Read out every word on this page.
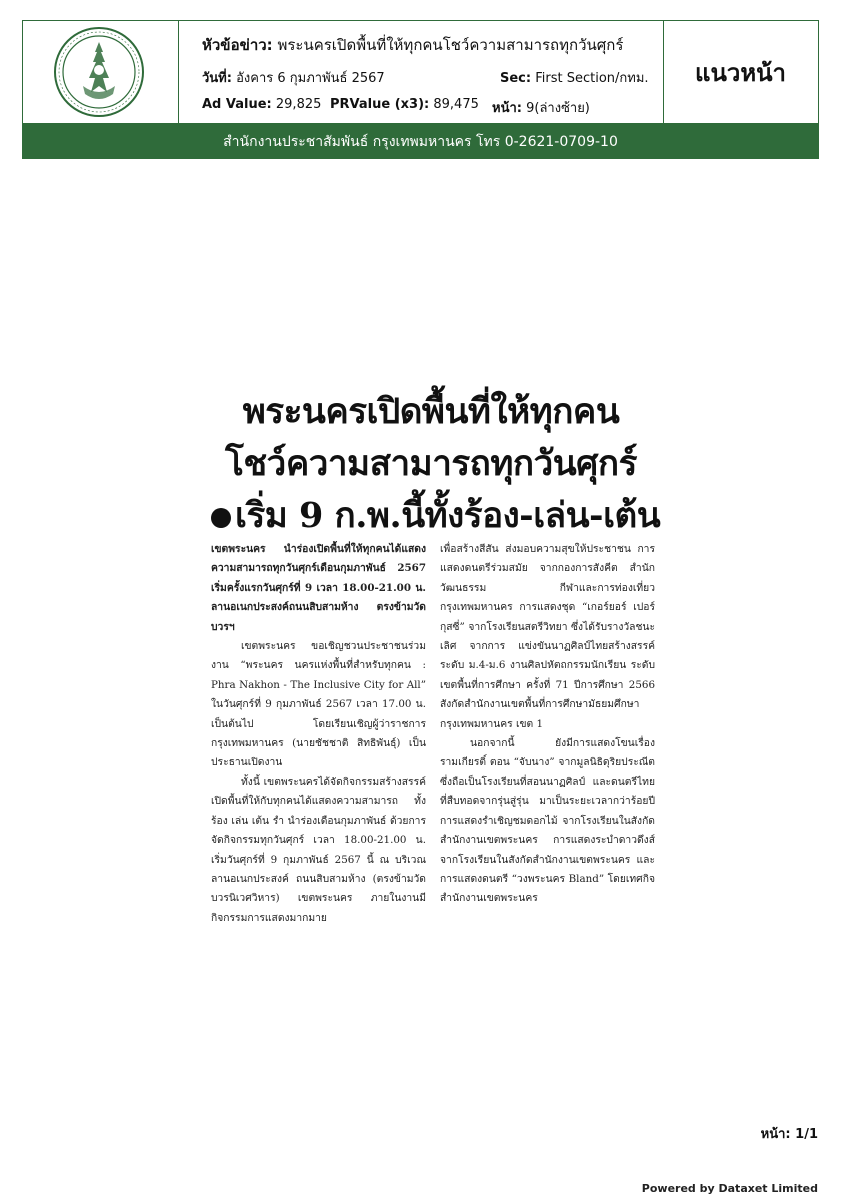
หัวข้อข่าว: พระนครเปิดพื้นที่ให้ทุกคนโชว์ความสามารถทุกวันศุกร์
วันที่: อังคาร 6 กุมภาพันธ์ 2567	Sec: First Section/กทม.
Ad Value: 29,825 PRValue (x3): 89,475 หน้า: 9(ล่างซ้าย)
แนวหน้า
สำนักงานประชาสัมพันธ์ กรุงเทพมหานคร โทร 0-2621-0709-10
พระนครเปิดพื้นที่ให้ทุกคน
โชว์ความสามารถทุกวันศุกร์
เริ่ม 9 ก.พ.นี้ทั้งร้อง-เล่น-เต้น

เขตพระนคร นำร่องเปิดพื้นที่ให้ทุกคนได้แสดงความสามารถทุกวันศุกร์เดือนกุมภาพันธ์ 2567 เริ่มครั้งแรกวันศุกร์ที่ 9 เวลา 18.00-21.00 น. ลานอเนกประสงค์ถนนสิบสามห้าง ตรงข้ามวัดบวรฯ

เขตพระนคร ขอเชิญชวนประชาชนร่วมงาน “พระนคร นครแห่งพื้นที่สำหรับทุกคน : Phra Nakhon - The Inclusive City for All” ในวันศุกร์ที่ 9 กุมภาพันธ์ 2567 เวลา 17.00 น. เป็นต้นไป โดยเรียนเชิญผู้ว่าราชการกรุงเทพมหานคร (นายชัชชาติ สิทธิพันธุ์) เป็นประธานเปิดงาน

ทั้งนี้ เขตพระนครได้จัดกิจกรรมสร้างสรรค์ เปิดพื้นที่ให้กับทุกคนได้แสดงความสามารถ ทั้งร้อง เล่น เต้น รำ นำร่องเดือนกุมภาพันธ์ ด้วยการจัดกิจกรรมทุกวันศุกร์ เวลา 18.00-21.00 น. เริ่มวันศุกร์ที่ 9 กุมภาพันธ์ 2567 นี้ ณ บริเวณลานอเนกประสงค์ ถนนสิบสามห้าง (ตรงข้ามวัดบวรนิเวศวิหาร) เขตพระนคร ภายในงานมีกิจกรรมการแสดงมากมาย

เพื่อสร้างสีสัน ส่งมอบความสุขให้ประชาชน การแสดงดนตรีร่วมสมัย จากกองการสังคีต สำนักวัฒนธรรม กีฬาและการท่องเที่ยว กรุงเทพมหานคร การแสดงชุด “เกอร์ยอร์ เปอร์กุสซี่” จากโรงเรียนสตรีวิทยา ซึ่งได้รับรางวัลชนะเลิศ จากการ แข่งขันนาฏศิลป์ไทยสร้างสรรค์ ระดับ ม.4-ม.6 งานศิลปหัตถกรรมนักเรียน ระดับเขตพื้นที่การศึกษา ครั้งที่ 71 ปีการศึกษา 2566 สังกัดสำนักงานเขตพื้นที่การศึกษามัธยมศึกษากรุงเทพมหานคร เขต 1

นอกจากนี้ ยังมีการแสดงโขนเรื่องรามเกียรติ์ ตอน “จับนาง” จากมูลนิธิดุริยประณีต ซึ่งถือเป็นโรงเรียนที่สอนนาฏศิลป์ และดนตรีไทย ที่สืบทอดจากรุ่นสู่รุ่น มาเป็นระยะเวลากว่าร้อยปี การแสดงรำเชิญชมดอกไม้ จากโรงเรียนในสังกัดสำนักงานเขตพระนคร การแสดงระบำดาวดึงส์ จากโรงเรียนในสังกัดสำนักงานเขตพระนคร และการแสดงดนตรี “วงพระนคร Bland” โดยเทศกิจ สำนักงานเขตพระนคร

หน้า: 1/1
Powered by Dataxet Limited
